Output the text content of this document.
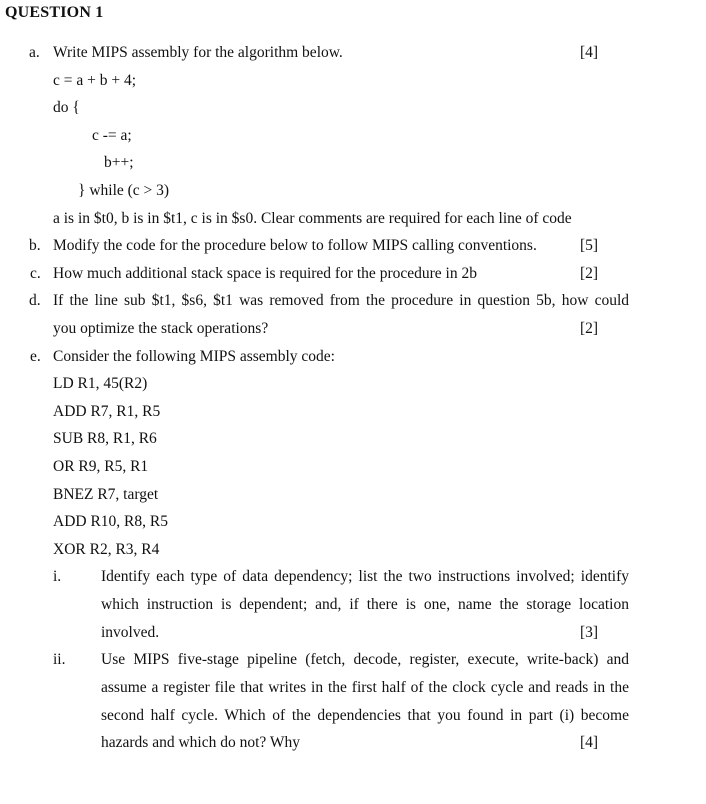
QUESTION 1
a. Write MIPS assembly for the algorithm below.	[4]
c = a + b + 4;
do {
c -= a;
b++;
} while (c > 3)
a is in $t0, b is in $t1, c is in $s0. Clear comments are required for each line of code
b. Modify the code for the procedure below to follow MIPS calling conventions.	[5]
c. How much additional stack space is required for the procedure in 2b	[2]
d. If the line sub $t1, $s6, $t1 was removed from the procedure in question 5b, how could
you optimize the stack operations?	[2]
e. Consider the following MIPS assembly code:
LD R1, 45(R2)
ADD R7, R1, R5
SUB R8, R1, R6
OR R9, R5, R1
BNEZ R7, target
ADD R10, R8, R5
XOR R2, R3, R4
i.	Identify each type of data dependency; list the two instructions involved; identify
which instruction is dependent; and, if there is one, name the storage location
involved.	[3]
ii. Use MIPS five-stage pipeline (fetch, decode, register, execute, write-back) and
assume a register file that writes in the first half of the clock cycle and reads in the
second half cycle. Which of the dependencies that you found in part (i) become
hazards and which do not? Why	[4]
